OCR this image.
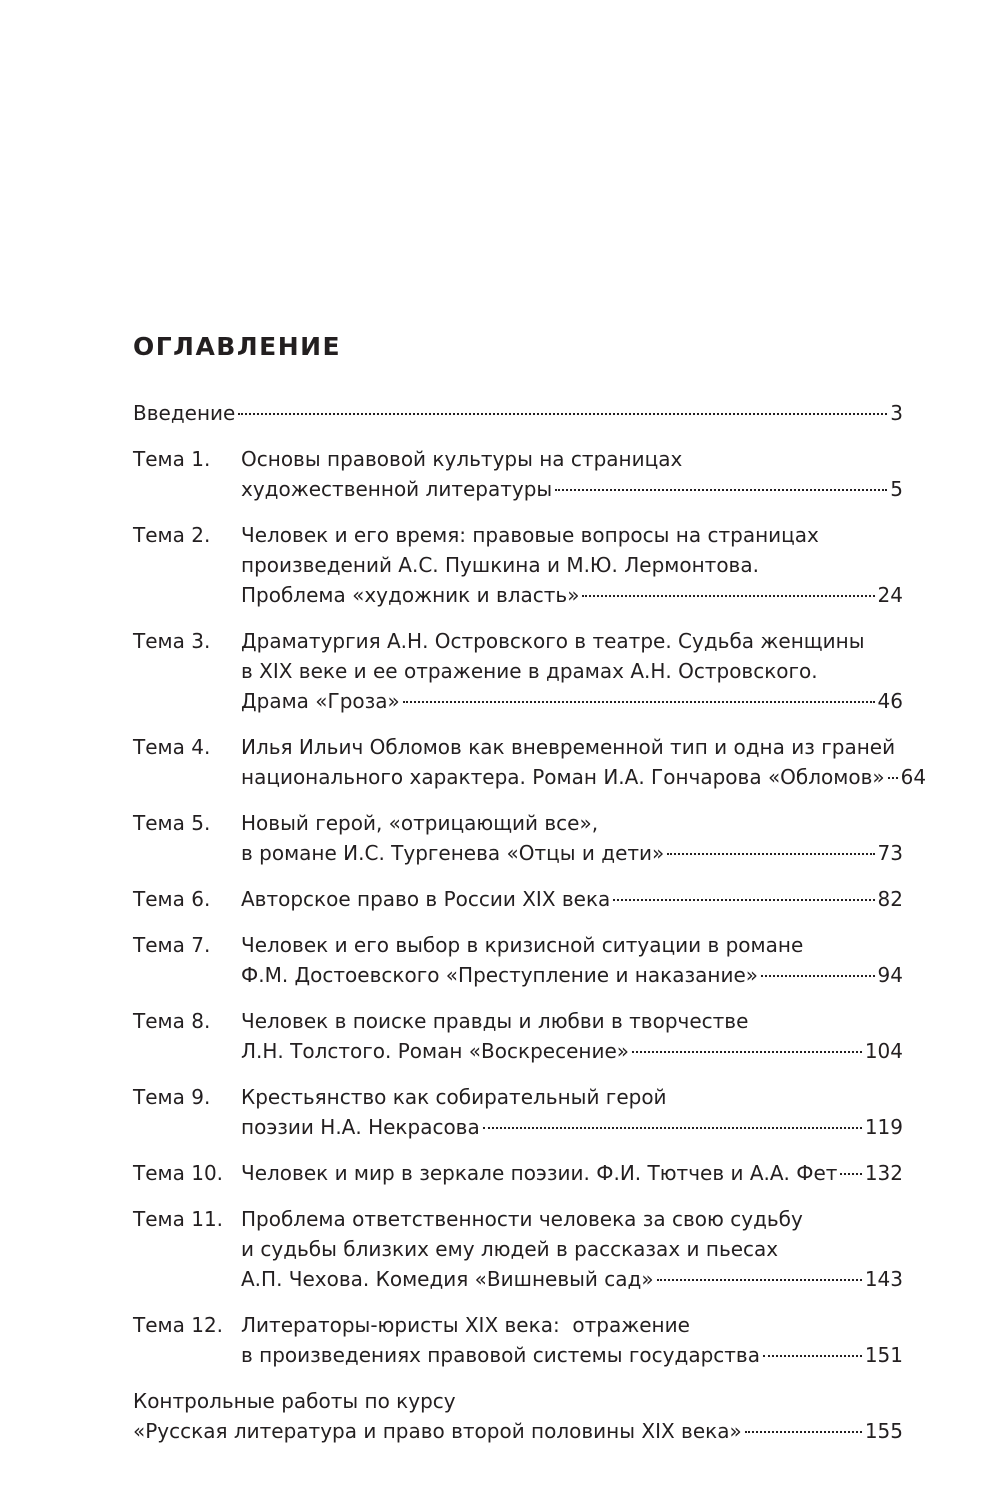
ОГЛАВЛЕНИЕ
Введение	3
Тема 1.	Основы правовой культуры на страницах
художественной литературы	5
Тема 2.	Человек и его время: правовые вопросы на страницах
произведений А.С. Пушкина и М.Ю. Лермонтова.
Проблема «художник и власть»	24
Тема 3.	Драматургия А.Н. Островского в театре. Судьба женщины
в XIX веке и ее отражение в драмах А.Н. Островского.
Драма «Гроза»	46
Тема 4.	Илья Ильич Обломов как вневременной тип и одна из граней
национального характера. Роман И.А. Гончарова «Обломов» 64
Тема 5.	Новый герой, «отрицающий все»,
в романе И.С. Тургенева «Отцы и дети»	73
Тема 6.	Авторское право в России XIX века	82
Тема 7.	Человек и его выбор в кризисной ситуации в романе
Ф.М. Достоевского «Преступление и наказание»	94
Тема 8.	Человек в поиске правды и любви в творчестве
Л.Н. Толстого. Роман «Воскресение»	104
Тема 9.	Крестьянство как собирательный герой
поэзии Н.А. Некрасова	119
Тема 10. Человек и мир в зеркале поэзии. Ф.И. Тютчев и А.А. Фет 132
Тема 11. Проблема ответственности человека за свою судьбу
и судьбы близких ему людей в рассказах и пьесах
А.П. Чехова. Комедия «Вишневый сад»	143
Тема 12. Литераторы-юристы XIX века:  отражение
в произведениях правовой системы государства	151
Контрольные работы по курсу
«Русская литература и право второй половины XIX века»	155
